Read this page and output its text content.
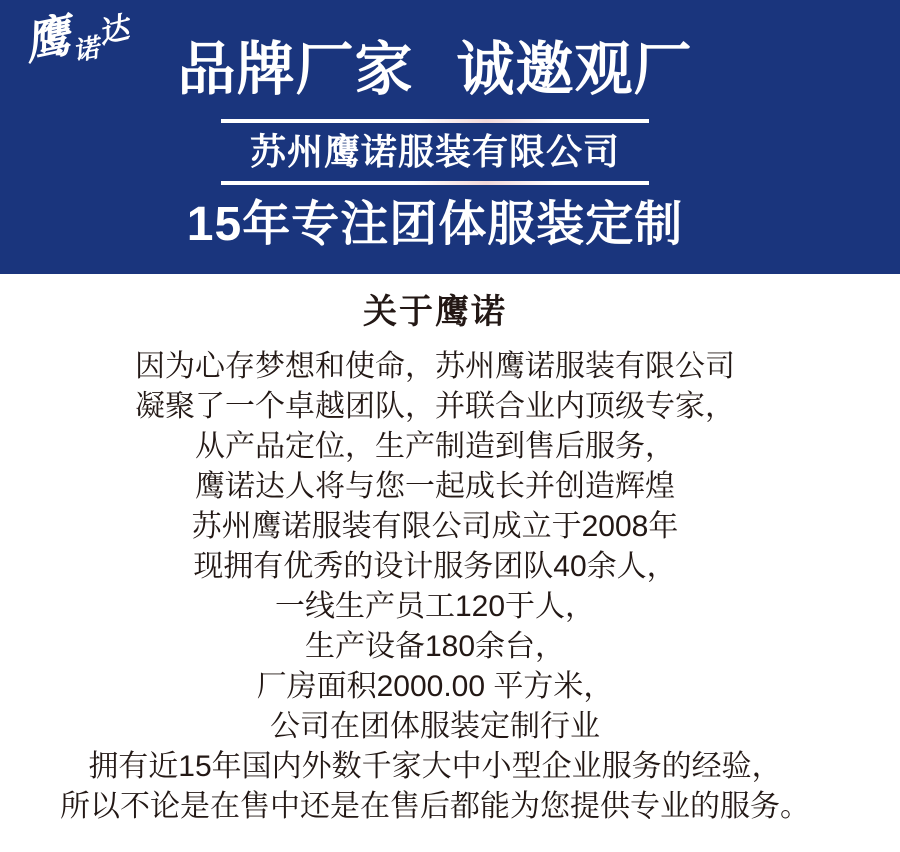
鹰诺达
品牌厂家 诚邀观厂
苏州鹰诺服装有限公司
15年专注团体服装定制
关于鹰诺
因为心存梦想和使命，苏州鹰诺服装有限公司
凝聚了一个卓越团队，并联合业内顶级专家，
从产品定位，生产制造到售后服务，
鹰诺达人将与您一起成长并创造辉煌
苏州鹰诺服装有限公司成立于2008年
现拥有优秀的设计服务团队40余人，
一线生产员工120于人，
生产设备180余台，
厂房面积2000.00 平方米，
公司在团体服装定制行业
拥有近15年国内外数千家大中小型企业服务的经验，
所以不论是在售中还是在售后都能为您提供专业的服务。
